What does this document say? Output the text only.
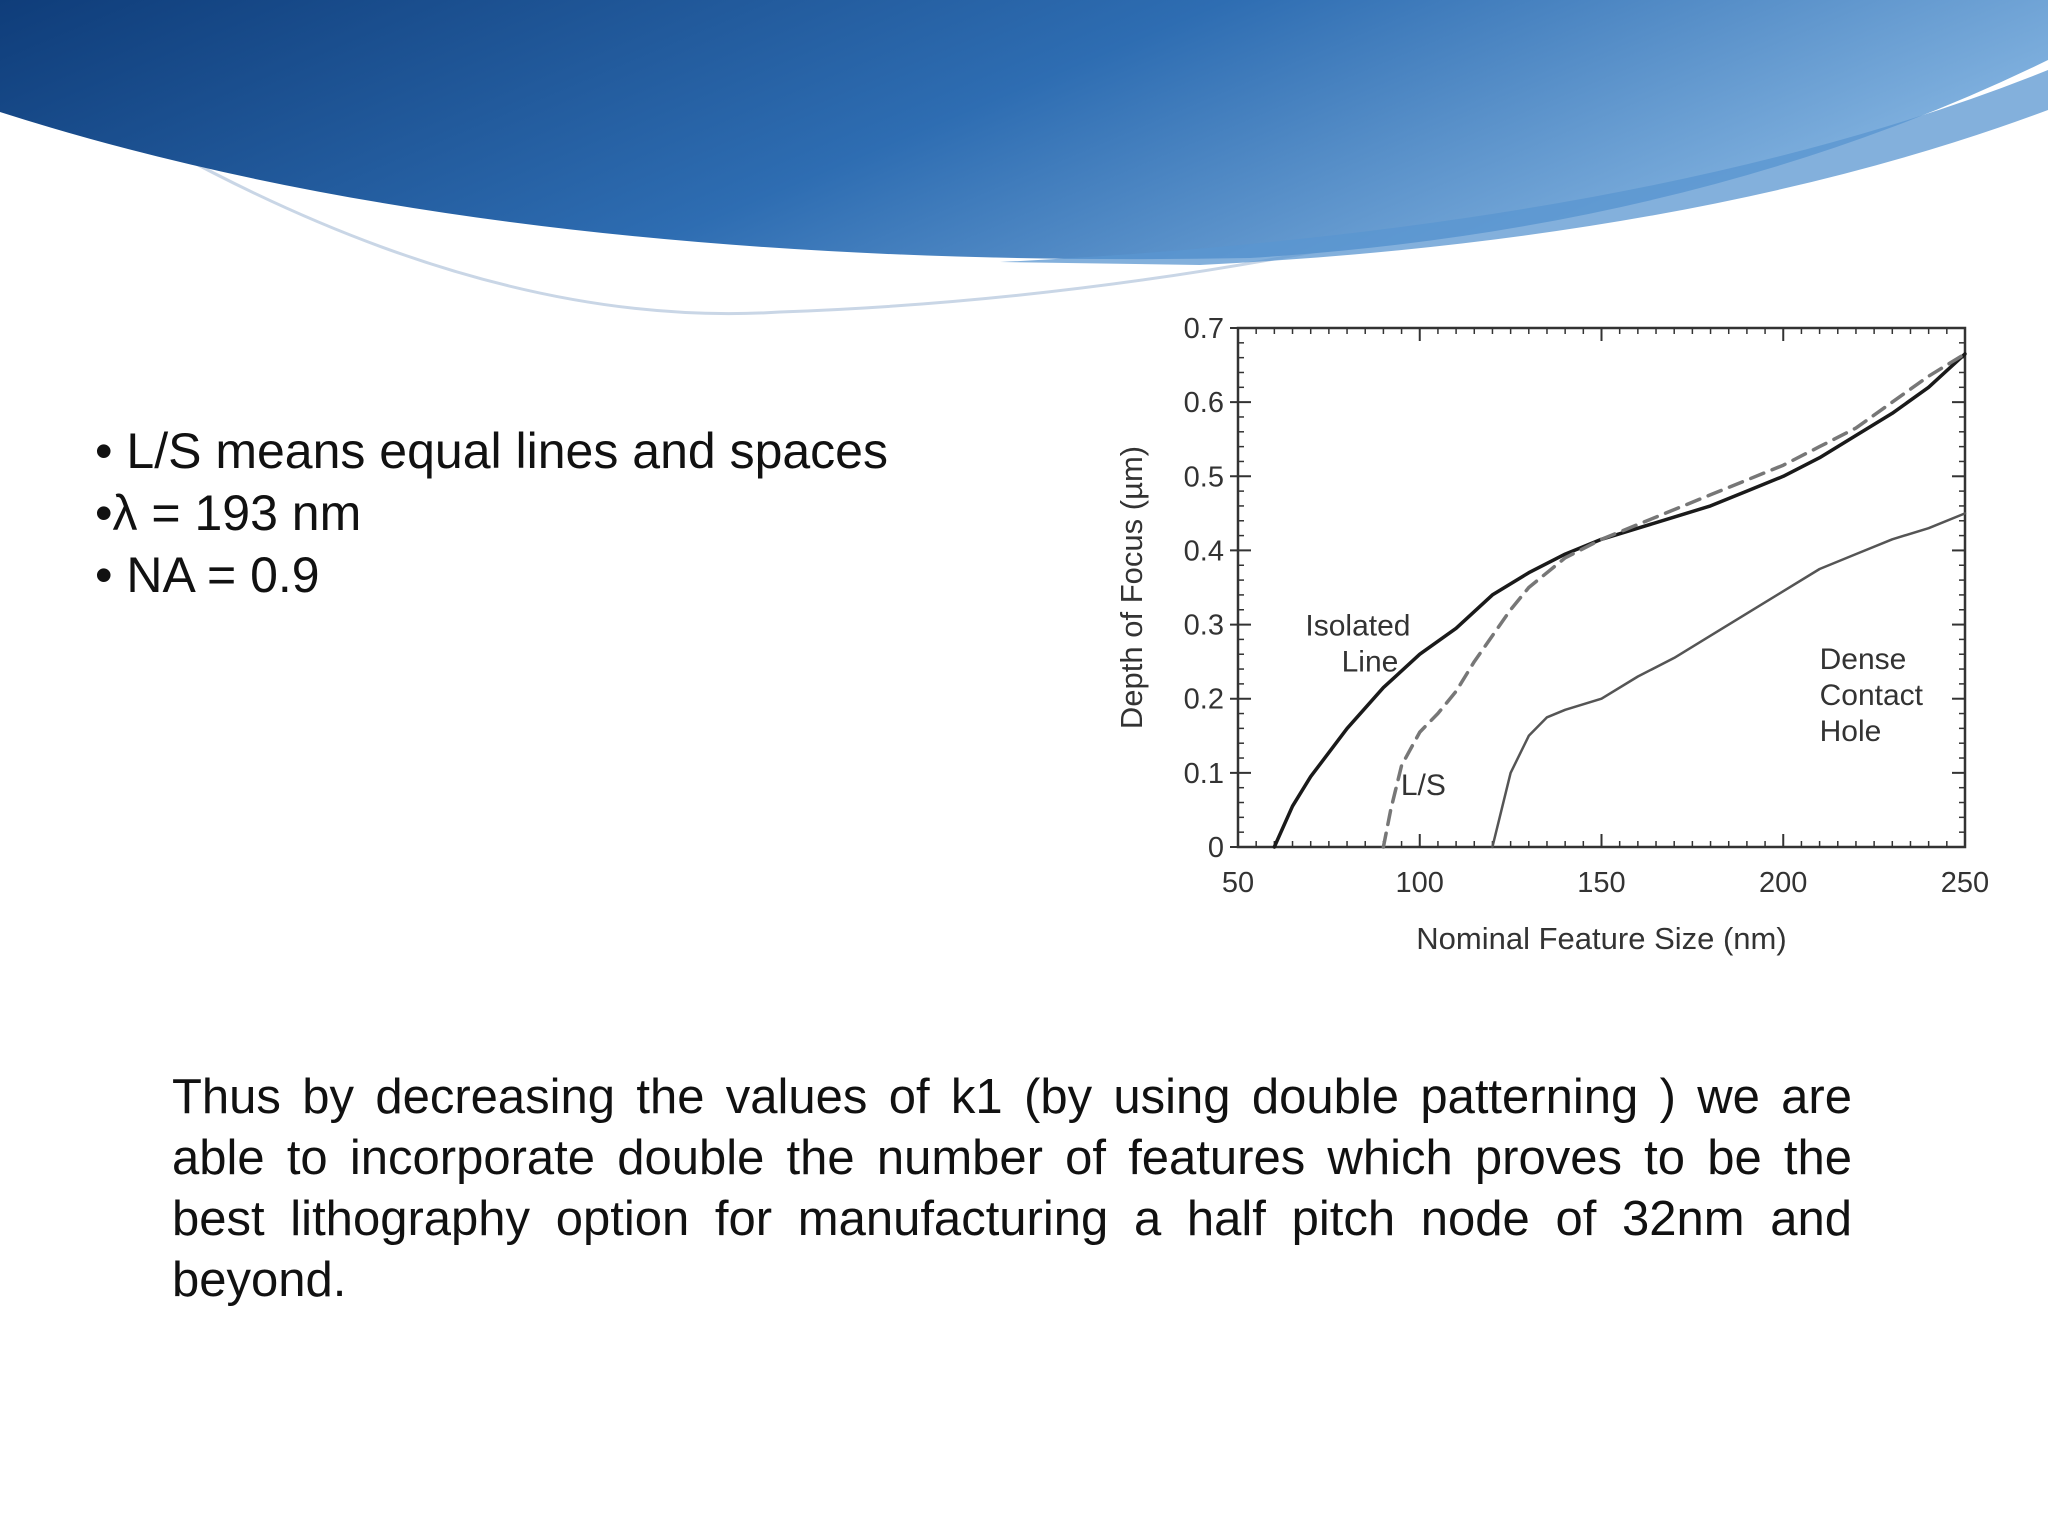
• L/S means equal lines and spaces
•λ = 193 nm
• NA = 0.9
50	100	150	200	250
0
0.1
0.2
0.3
0.4
0.5
0.6
0.7
Nominal Feature Size (nm)
Depth of Focus (µm)	Isolated Line
L/S
Dense Contact Hole

Thus by decreasing the values of k1 (by using double patterning ) we are able to incorporate double the number of features which proves to be the best lithography option for manufacturing a half pitch node of 32nm and beyond.
